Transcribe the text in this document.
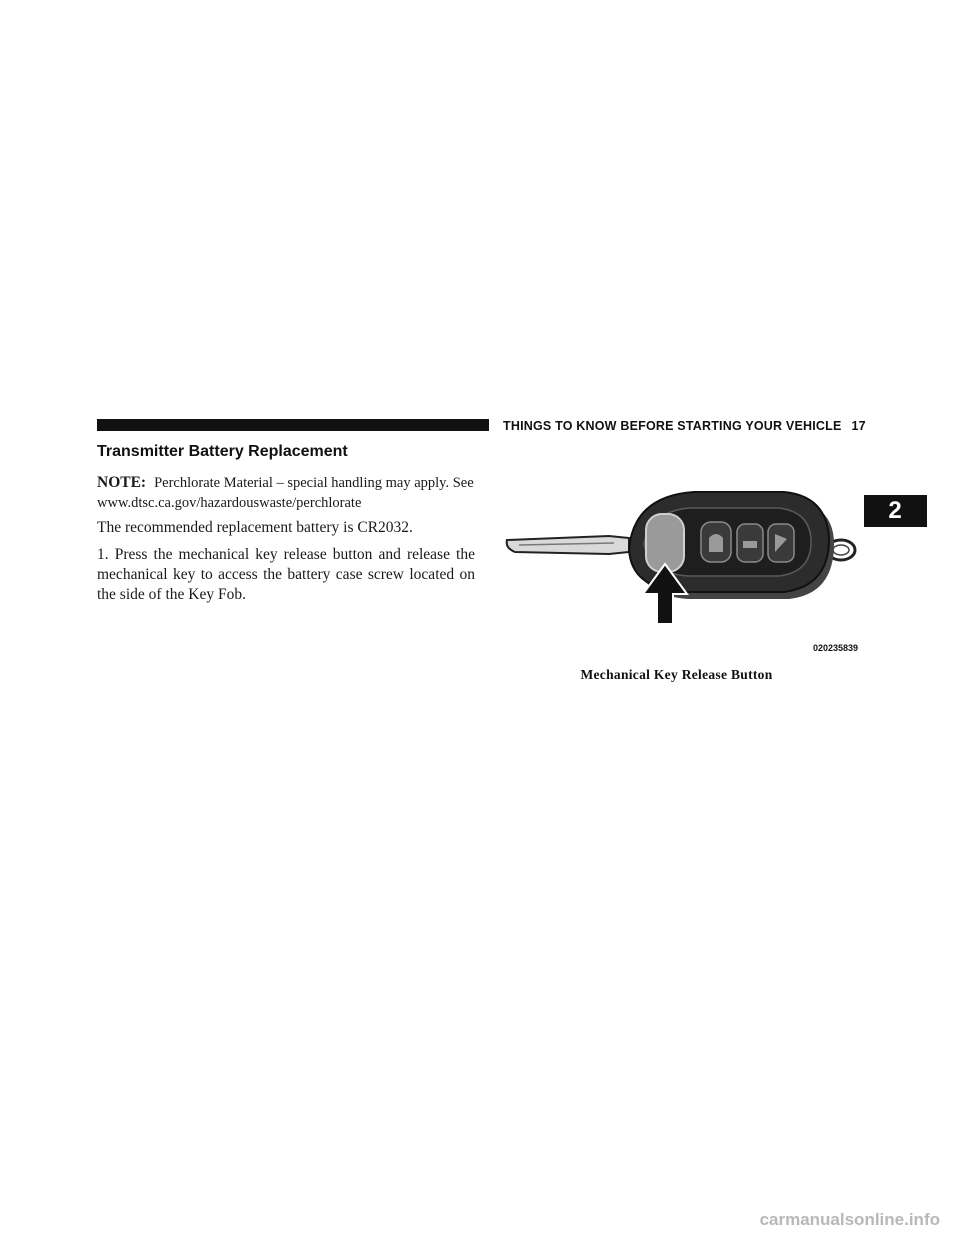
THINGS TO KNOW BEFORE STARTING YOUR VEHICLE 17
2
Transmitter Battery Replacement

NOTE: Perchlorate Material – special handling may apply. See www.dtsc.ca.gov/hazardouswaste/perchlorate

The recommended replacement battery is CR2032.

1. Press the mechanical key release button and release the mechanical key to access the battery case screw located on the side of the Key Fob.

020235839
Mechanical Key Release Button
carmanualsonline.info
